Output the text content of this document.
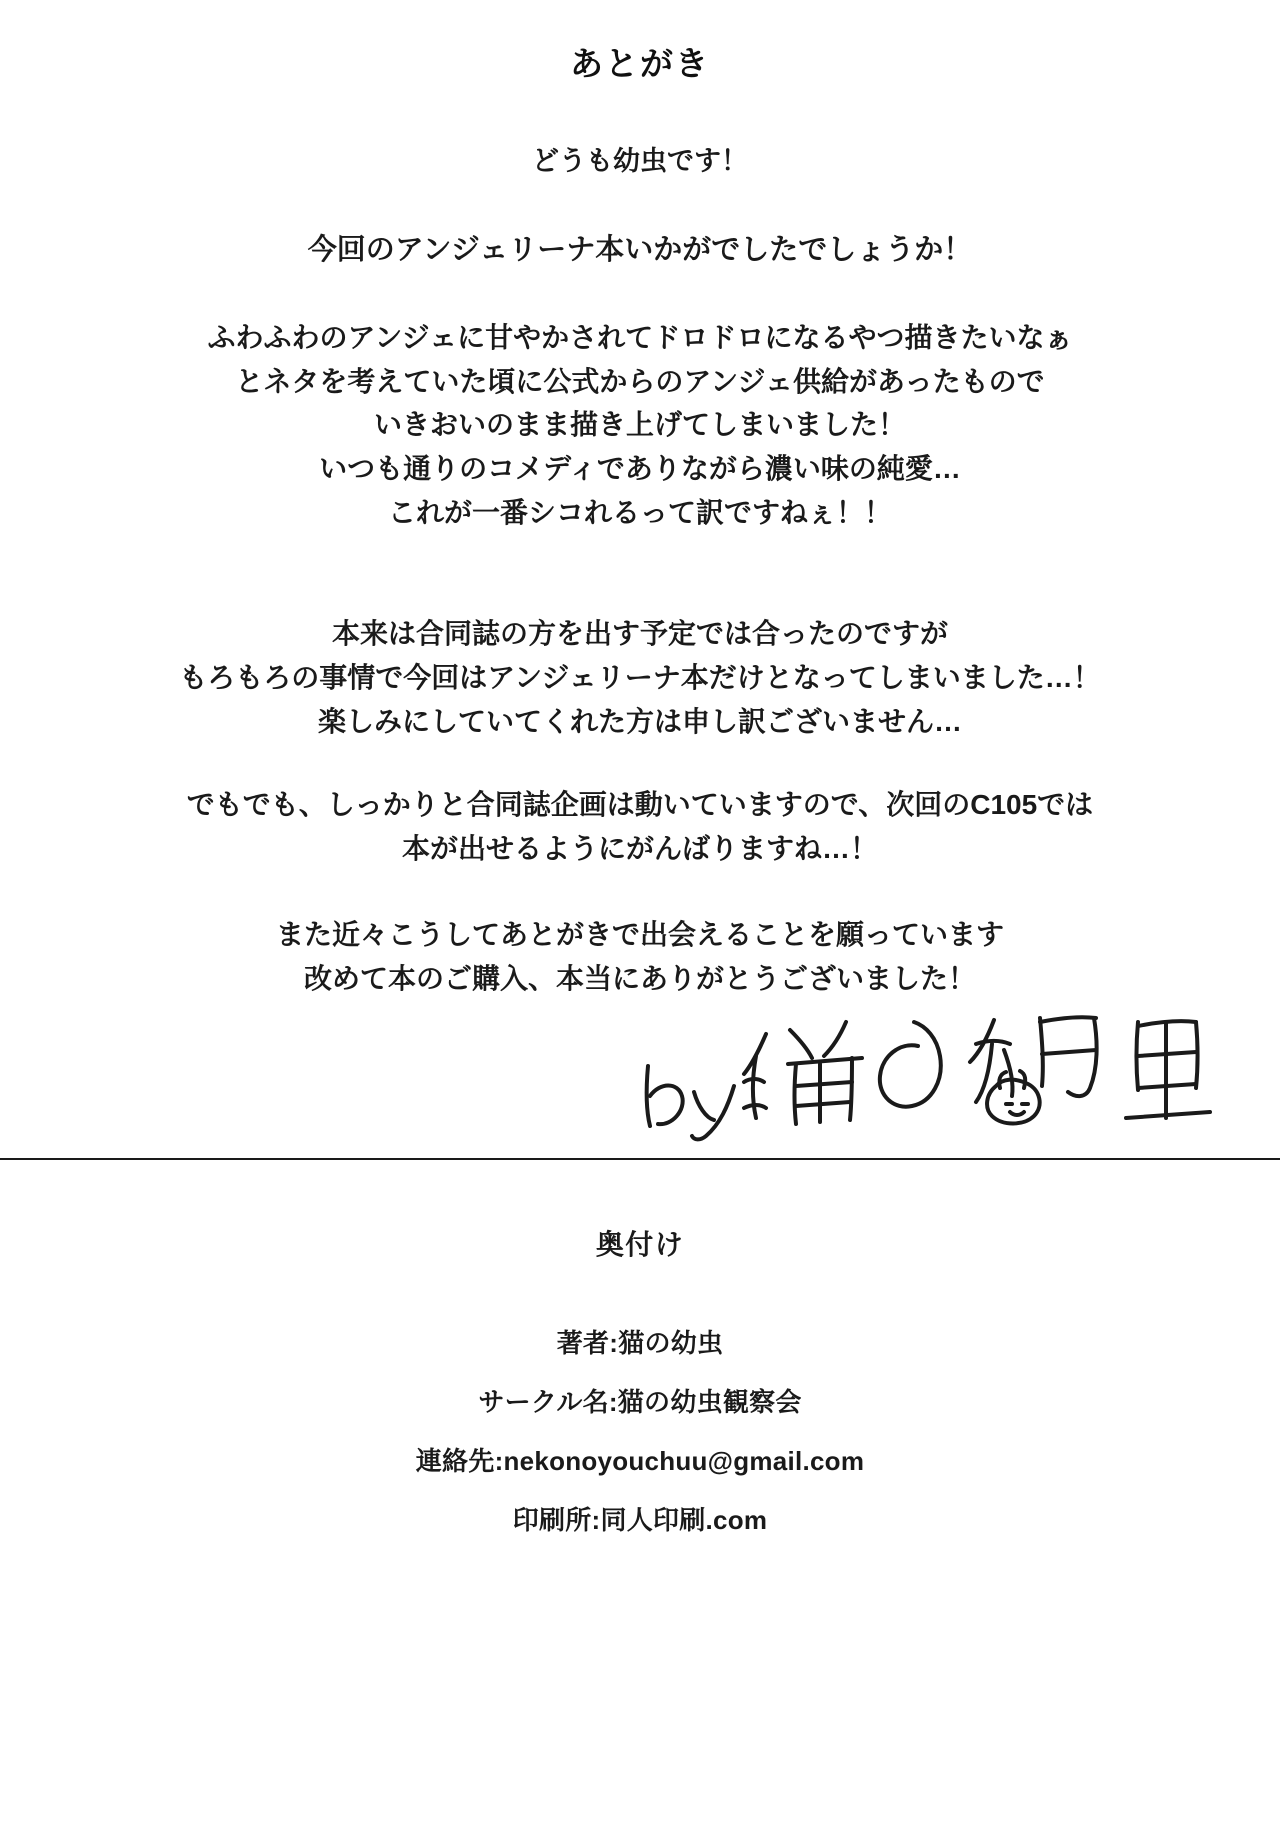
あとがき
どうも幼虫です！
今回のアンジェリーナ本いかがでしたでしょうか！
ふわふわのアンジェに甘やかされてドロドロになるやつ描きたいなぁ
とネタを考えていた頃に公式からのアンジェ供給があったもので
いきおいのまま描き上げてしまいました！
いつも通りのコメディでありながら濃い味の純愛…
これが一番シコれるって訳ですねぇ！！
本来は合同誌の方を出す予定では合ったのですが
もろもろの事情で今回はアンジェリーナ本だけとなってしまいました…！
楽しみにしていてくれた方は申し訳ございません…
でもでも、しっかりと合同誌企画は動いていますので、次回のC105では
本が出せるようにがんばりますね…！
また近々こうしてあとがきで出会えることを願っています
改めて本のご購入、本当にありがとうございました！
奥付け
著者:猫の幼虫
サークル名:猫の幼虫観察会
連絡先:nekonoyouchuu@gmail.com
印刷所:同人印刷.com
